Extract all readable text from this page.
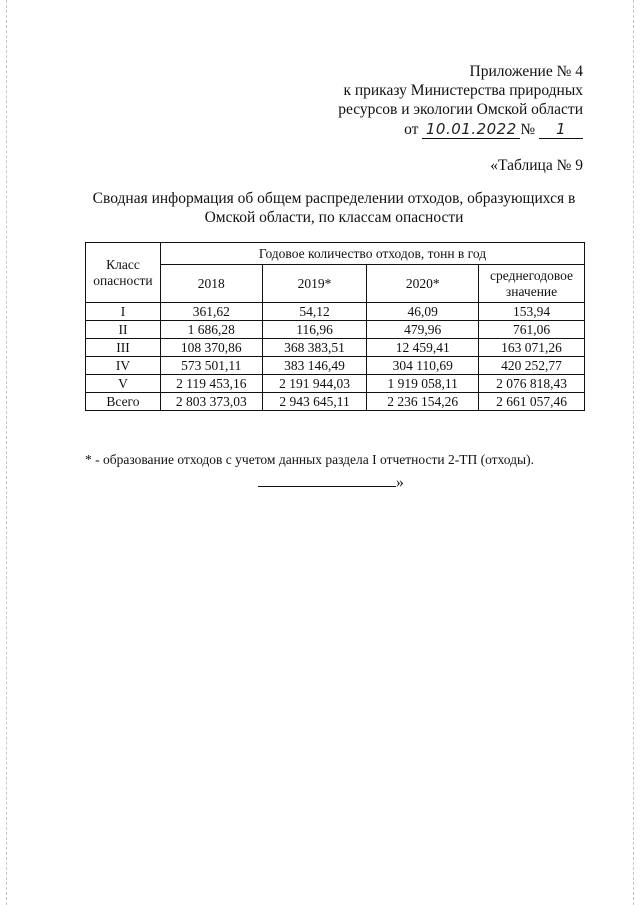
Приложение № 4
к приказу Министерства природных
ресурсов и экологии Омской области
от 10.01.2022 № 1
«Таблица № 9
Сводная информация об общем распределении отходов, образующихся в
Омской области, по классам опасности
Класс опасности	Годовое количество отходов, тонн в год			
	2018	2019*	2020*	среднегодовое значение
I	361,62	54,12	46,09	153,94
II	1 686,28	116,96	479,96	761,06
III	108 370,86	368 383,51	12 459,41	163 071,26
IV	573 501,11	383 146,49	304 110,69	420 252,77
V	2 119 453,16	2 191 944,03	1 919 058,11	2 076 818,43
Всего	2 803 373,03	2 943 645,11	2 236 154,26	2 661 057,46
* - образование отходов с учетом данных раздела I отчетности 2-ТП (отходы).
»
